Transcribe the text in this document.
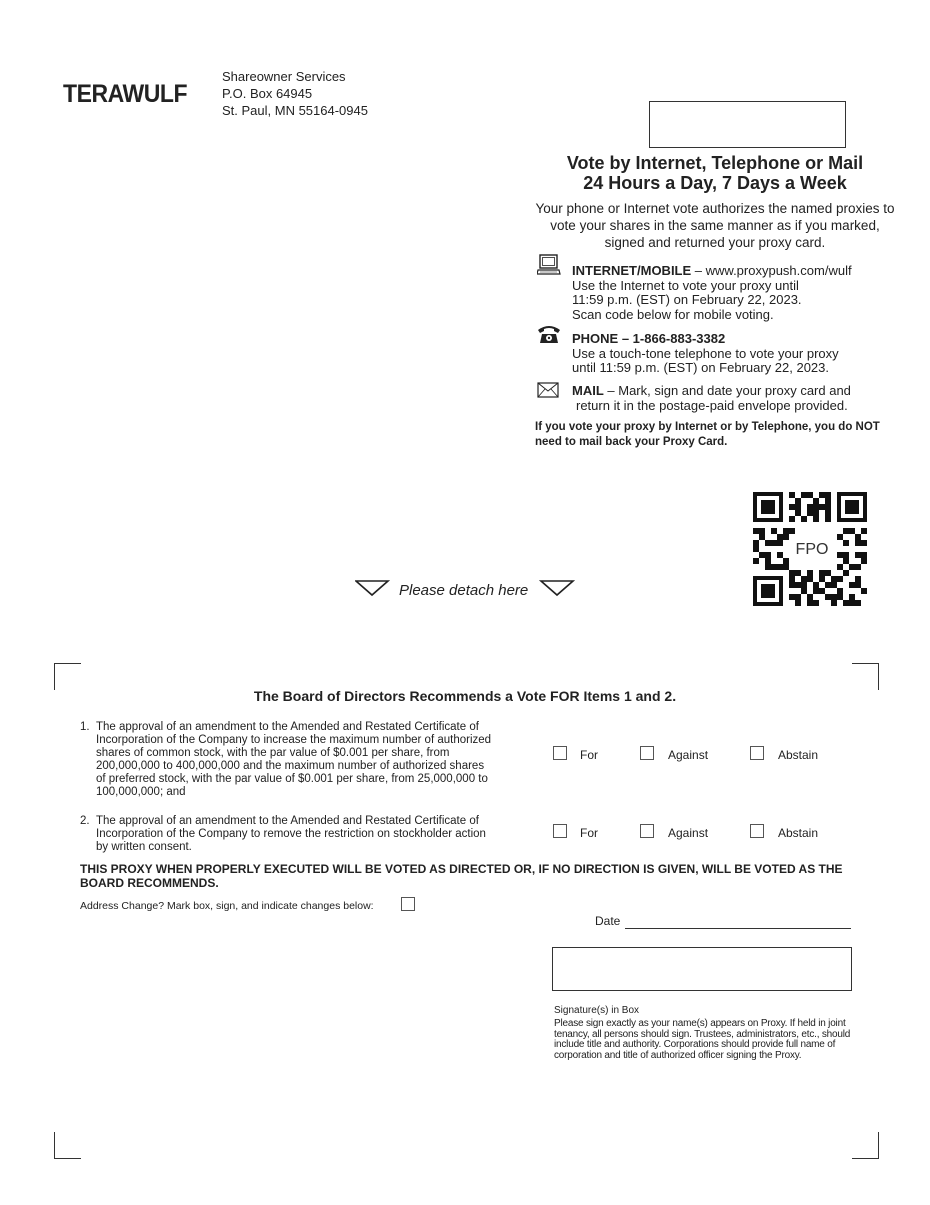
TERAWULF
Shareowner Services
P.O. Box 64945
St. Paul, MN 55164-0945
Vote by Internet, Telephone or Mail
24 Hours a Day, 7 Days a Week
Your phone or Internet vote authorizes the named proxies to vote your shares in the same manner as if you marked, signed and returned your proxy card.
INTERNET/MOBILE – www.proxypush.com/wulf
Use the Internet to vote your proxy until
11:59 p.m. (EST) on February 22, 2023.
Scan code below for mobile voting.
PHONE – 1-866-883-3382
Use a touch-tone telephone to vote your proxy
until 11:59 p.m. (EST) on February 22, 2023.
MAIL – Mark, sign and date your proxy card and
return it in the postage-paid envelope provided.
If you vote your proxy by Internet or by Telephone, you do NOT need to mail back your Proxy Card.
FPO
Please detach here
The Board of Directors Recommends a Vote FOR Items 1 and 2.
1. The approval of an amendment to the Amended and Restated Certificate of Incorporation of the Company to increase the maximum number of authorized shares of common stock, with the par value of $0.001 per share, from 200,000,000 to 400,000,000 and the maximum number of authorized shares of preferred stock, with the par value of $0.001 per share, from 25,000,000 to 100,000,000; and
For	Against	Abstain
2. The approval of an amendment to the Amended and Restated Certificate of Incorporation of the Company to remove the restriction on stockholder action by written consent.
For	Against	Abstain
THIS PROXY WHEN PROPERLY EXECUTED WILL BE VOTED AS DIRECTED OR, IF NO DIRECTION IS GIVEN, WILL BE VOTED AS THE BOARD RECOMMENDS.
Address Change? Mark box, sign, and indicate changes below:
Date
Signature(s) in Box
Please sign exactly as your name(s) appears on Proxy. If held in joint tenancy, all persons should sign. Trustees, administrators, etc., should include title and authority. Corporations should provide full name of corporation and title of authorized officer signing the Proxy.
